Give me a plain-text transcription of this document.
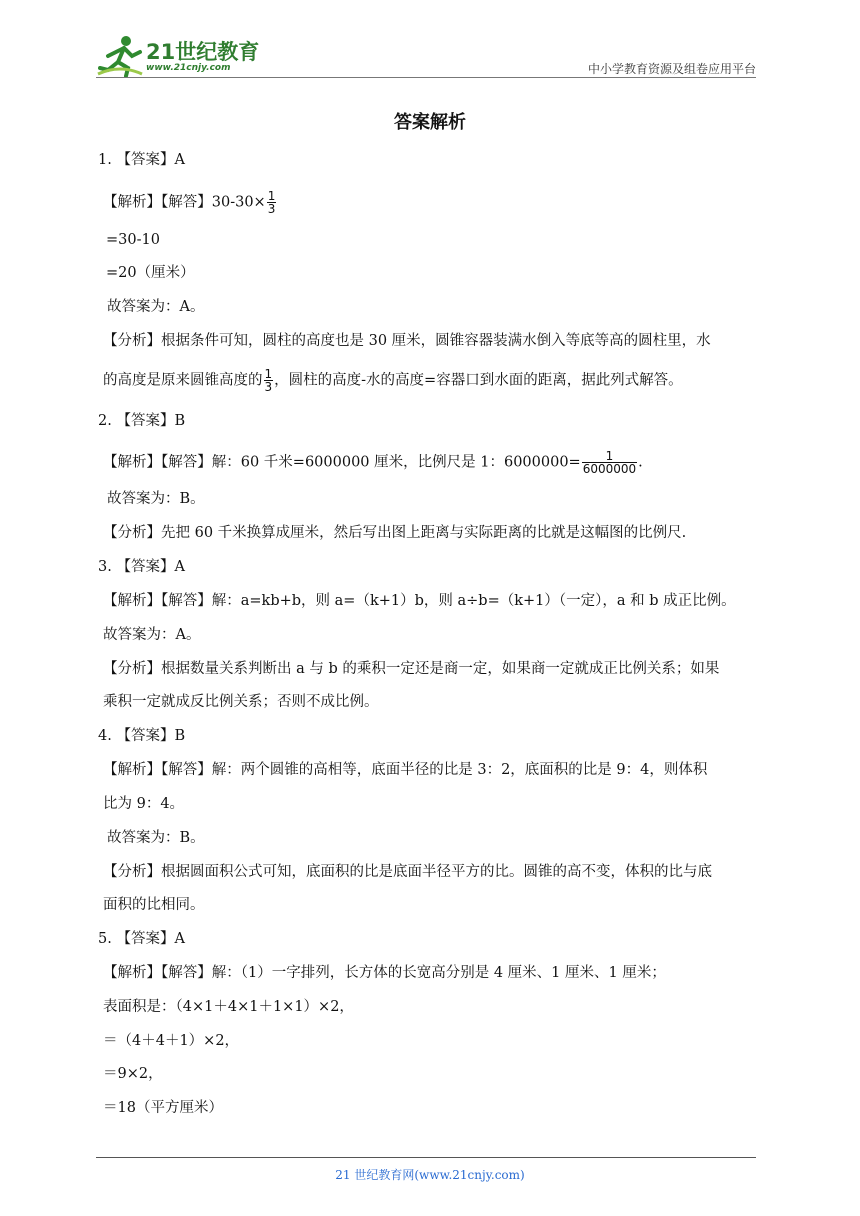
21世纪教育
www.21cnjy.com	中小学教育资源及组卷应用平台
答案解析
1. 【答案】A
【解析】【解答】$30-30\times \frac{1}{3}$
=30-10
=20（厘米）
故答案为：A。
【分析】根据条件可知，圆柱的高度也是 30 厘米，圆锥容器装满水倒入等底等高的圆柱里，水
的高度是原来圆锥高度的 $\frac{1}{3}$ ，圆柱的高度-水的高度=容器口到水面的距离，据此列式解答。
2. 【答案】B
【解析】【解答】解：60 千米=6000000 厘米，比例尺是 1：$6000000= \frac{1}{6000000}$ .
故答案为：B。
【分析】先把 60 千米换算成厘米，然后写出图上距离与实际距离的比就是这幅图的比例尺.
3. 【答案】A
【解析】【解答】解：a=kb+b，则 a=（k+1）b，则 a÷b=（k+1）（一定），a 和 b 成正比例。
故答案为：A。
【分析】根据数量关系判断出 a 与 b 的乘积一定还是商一定，如果商一定就成正比例关系；如果
乘积一定就成反比例关系；否则不成比例。
4. 【答案】B
【解析】【解答】解：两个圆锥的高相等，底面半径的比是 3：2，底面积的比是 9：4，则体积
比为 9：4。
故答案为：B。
【分析】根据圆面积公式可知，底面积的比是底面半径平方的比。圆锥的高不变，体积的比与底
面积的比相同。
5. 【答案】A
【解析】【解答】解：（1）一字排列，长方体的长宽高分别是 4 厘米、1 厘米、1 厘米；
表面积是：（4×1＋4×1＋1×1）×2，
＝（4＋4＋1）×2，
＝9×2，
＝18（平方厘米）
21 世纪教育网(www.21cnjy.com)
